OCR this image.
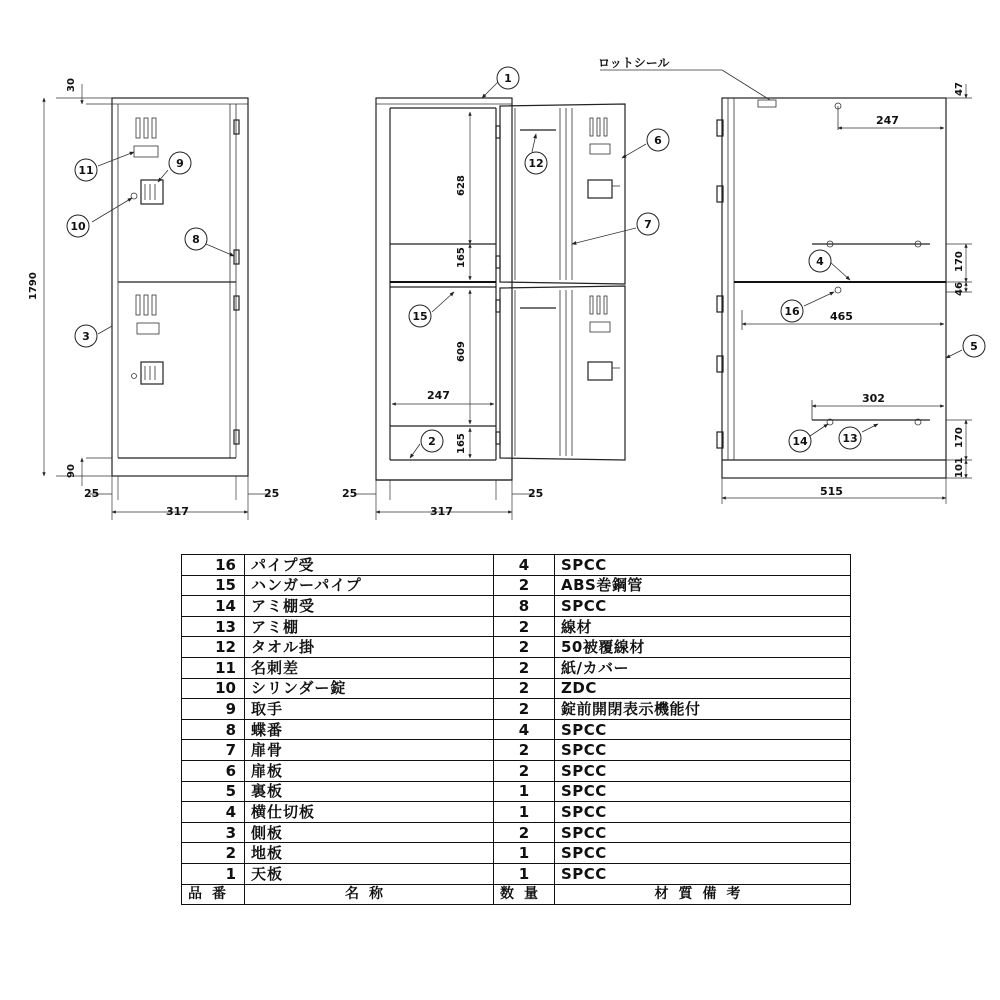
30
1790
90
25
317
25
628
165
609
165
247
25
317
25
ロットシール
247
465
302
47
170
46
170
101
515
1
2
3
4
5
6
7
8
9
10
11
12
13
14
15	16
16	パイプ受	4	SPCC
15	ハンガーパイプ	2	ABS巻鋼管
14	アミ棚受	8	SPCC
13	アミ棚	2	線材
12	タオル掛	2	50被覆線材
11	名刺差	2	紙/カバー
10	シリンダー錠	2	ZDC
9	取手	2	錠前開閉表示機能付
8	蝶番	4	SPCC
7	扉骨	2	SPCC
6	扉板	2	SPCC
5	裏板	1	SPCC
4	横仕切板	1	SPCC
3	側板	2	SPCC
2	地板	1	SPCC
1	天板	1	SPCC
品番	名称	数量	材質備考
